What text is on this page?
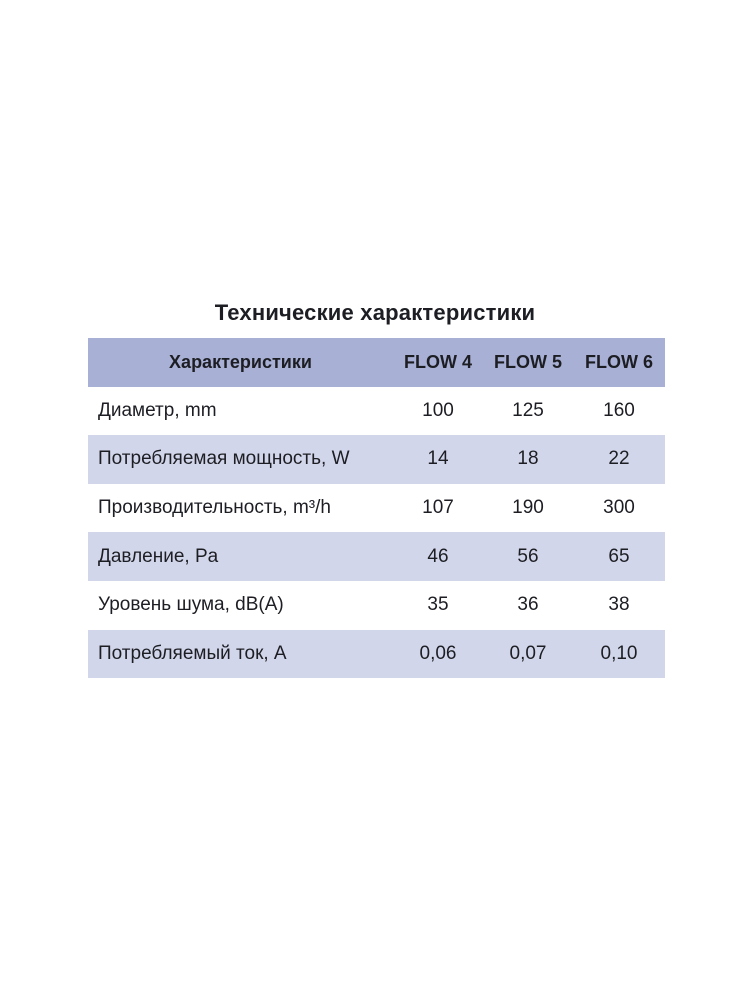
Технические характеристики
Характеристики	FLOW 4	FLOW 5	FLOW 6
Диаметр, mm	100	125	160
Потребляемая мощность, W	14	18	22
Производительность, m³/h	107	190	300
Давление, Pa	46	56	65
Уровень шума, dB(A)	35	36	38
Потребляемый ток, A	0,06	0,07	0,10
